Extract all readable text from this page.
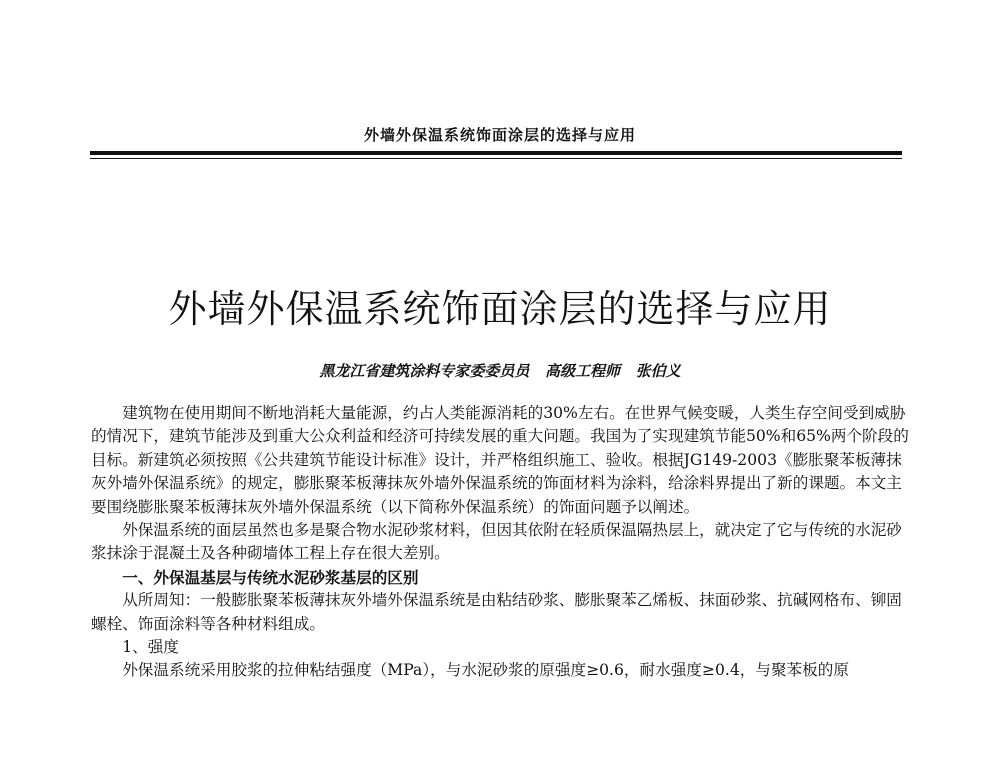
外墙外保温系统饰面涂层的选择与应用
外墙外保温系统饰面涂层的选择与应用
黑龙江省建筑涂料专家委委员员   高级工程师   张伯义

建筑物在使用期间不断地消耗大量能源，约占人类能源消耗的30%左右。在世界气候变暖，人类生存空间受到威胁的情况下，建筑节能涉及到重大公众利益和经济可持续发展的重大问题。我国为了实现建筑节能50%和65%两个阶段的目标。新建筑必须按照《公共建筑节能设计标准》设计，并严格组织施工、验收。根据JG149-2003《膨胀聚苯板薄抹灰外墙外保温系统》的规定，膨胀聚苯板薄抹灰外墙外保温系统的饰面材料为涂料，给涂料界提出了新的课题。本文主要围绕膨胀聚苯板薄抹灰外墙外保温系统（以下简称外保温系统）的饰面问题予以阐述。

外保温系统的面层虽然也多是聚合物水泥砂浆材料，但因其依附在轻质保温隔热层上，就决定了它与传统的水泥砂浆抹涂于混凝土及各种砌墙体工程上存在很大差别。

一、外保温基层与传统水泥砂浆基层的区别

从所周知：一般膨胀聚苯板薄抹灰外墙外保温系统是由粘结砂浆、膨胀聚苯乙烯板、抹面砂浆、抗碱网格布、铆固螺栓、饰面涂料等各种材料组成。

1、强度

外保温系统采用胶浆的拉伸粘结强度（MPa），与水泥砂浆的原强度≥0.6，耐水强度≥0.4，与聚苯板的原
